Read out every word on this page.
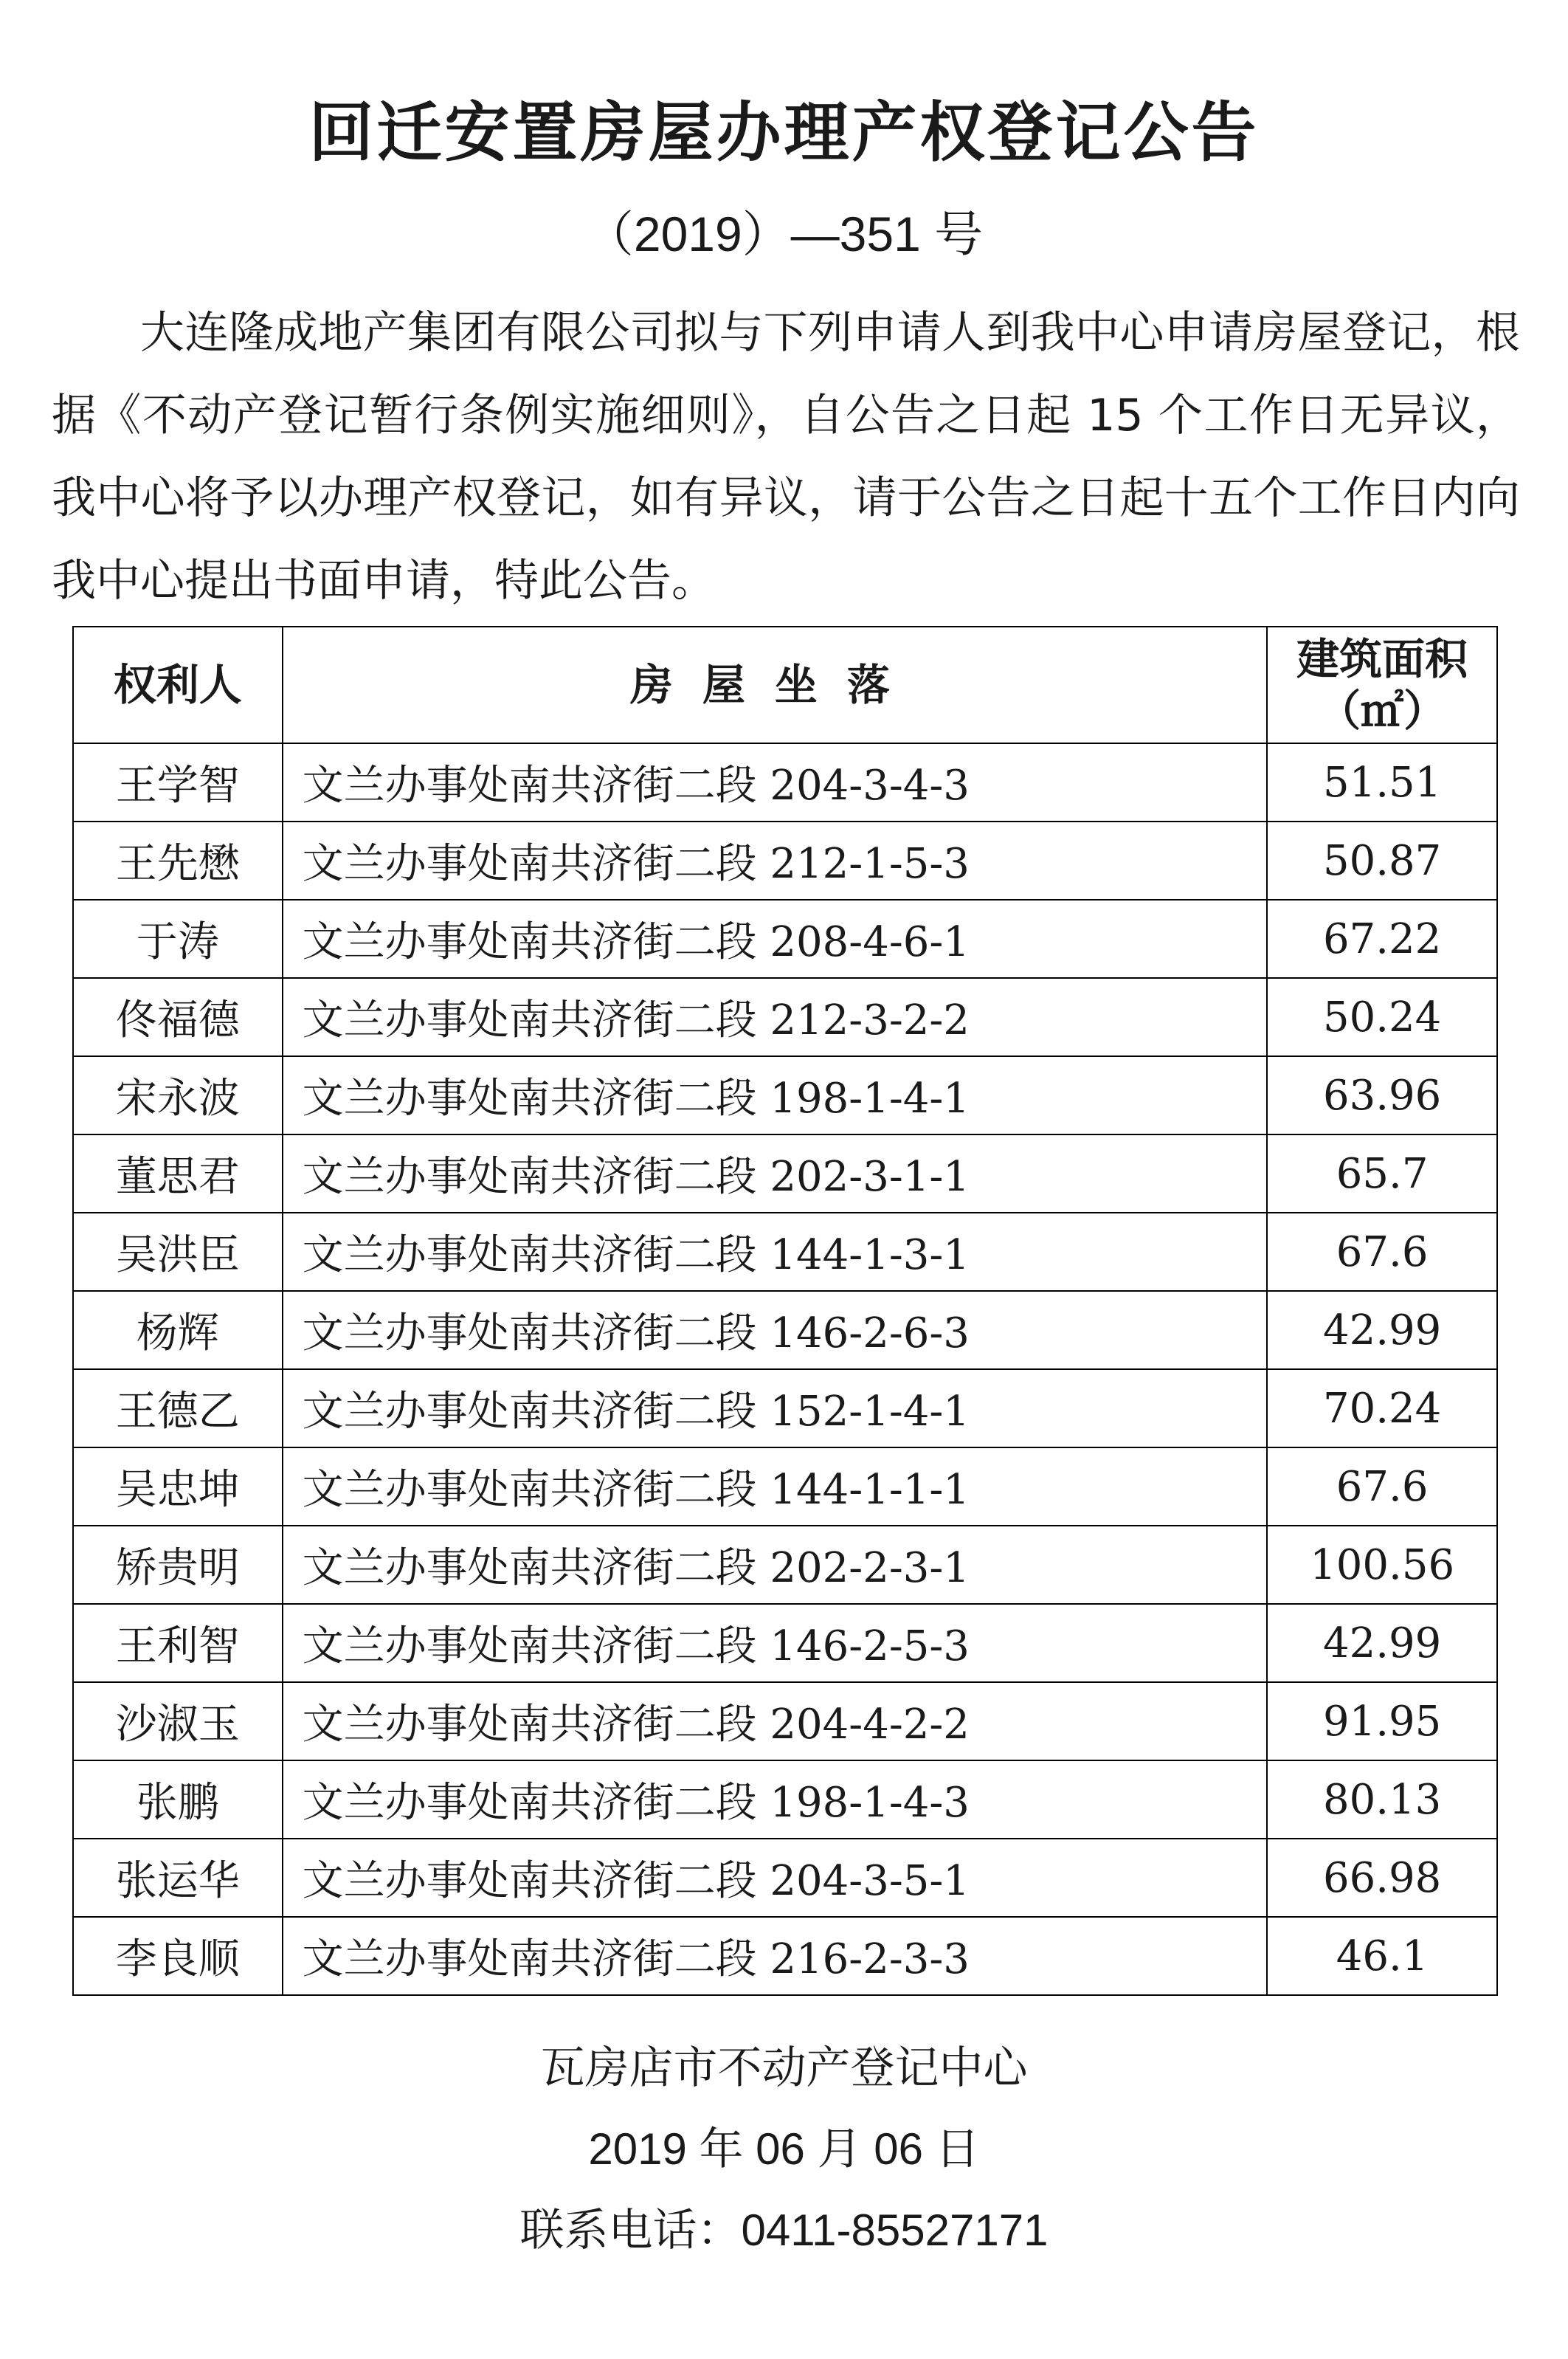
回迁安置房屋办理产权登记公告
（2019）—351 号
大连隆成地产集团有限公司拟与下列申请人到我中心申请房屋登记，根据《不动产登记暂行条例实施细则》，自公告之日起 15 个工作日无异议，我中心将予以办理产权登记，如有异议，请于公告之日起十五个工作日内向我中心提出书面申请，特此公告。
权利人	房屋坐落	建筑面积
（㎡）

王学智	文兰办事处南共济街二段 204-3-4-3	51.51
王先懋	文兰办事处南共济街二段 212-1-5-3	50.87
于涛	文兰办事处南共济街二段 208-4-6-1	67.22
佟福德	文兰办事处南共济街二段 212-3-2-2	50.24
宋永波	文兰办事处南共济街二段 198-1-4-1	63.96
董思君	文兰办事处南共济街二段 202-3-1-1	65.7
吴洪臣	文兰办事处南共济街二段 144-1-3-1	67.6
杨辉	文兰办事处南共济街二段 146-2-6-3	42.99
王德乙	文兰办事处南共济街二段 152-1-4-1	70.24
吴忠坤	文兰办事处南共济街二段 144-1-1-1	67.6
矫贵明	文兰办事处南共济街二段 202-2-3-1	100.56
王利智	文兰办事处南共济街二段 146-2-5-3	42.99
沙淑玉	文兰办事处南共济街二段 204-4-2-2	91.95
张鹏	文兰办事处南共济街二段 198-1-4-3	80.13
张运华	文兰办事处南共济街二段 204-3-5-1	66.98
李良顺	文兰办事处南共济街二段 216-2-3-3	46.1
瓦房店市不动产登记中心
2019 年 06 月 06 日
联系电话：0411-85527171
